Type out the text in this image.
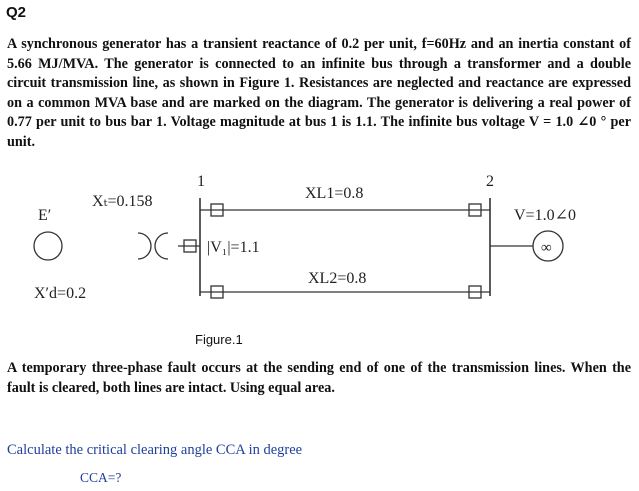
Q2
A synchronous generator has a transient reactance of 0.2 per unit, f=60Hz and an inertia constant of 5.66 MJ/MVA. The generator is connected to an infinite bus through a transformer and a double circuit transmission line, as shown in Figure 1. Resistances are neglected and reactance are expressed on a common MVA base and are marked on the diagram. The generator is delivering a real power of 0.77 per unit to bus bar 1. Voltage magnitude at bus 1 is 1.1. The infinite bus voltage V = 1.0 ∠0 ° per unit.
1	2
E′
Xₜ=0.158
X′d=0.2
|V₁|=1.1
XL1=0.8
XL2=0.8
V=1.0∠0
∞
Figure.1
A temporary three-phase fault occurs at the sending end of one of the transmission lines. When the fault is cleared, both lines are intact. Using equal area.
Calculate the critical clearing angle CCA in degree
CCA=?
